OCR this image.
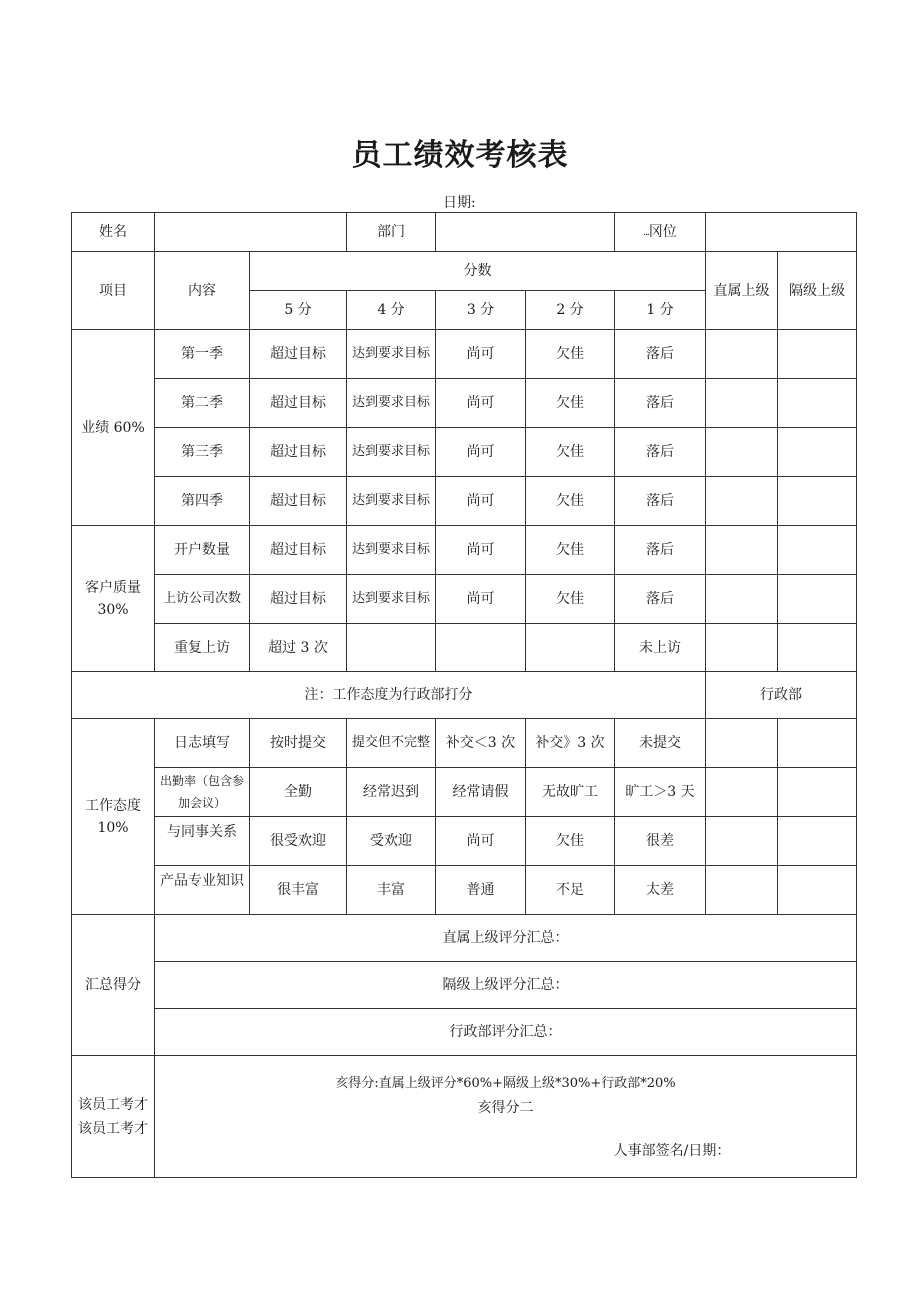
员工绩效考核表
日期:
姓名			部门			...冈位		
项目	内容	分数					直属上级	隔级上级
		5 分	4 分	3 分	2 分	1 分		
业绩 60%	第一季	超过目标	达到要求目标	尚可	欠佳	落后		
	第二季	超过目标	达到要求目标	尚可	欠佳	落后		
	第三季	超过目标	达到要求目标	尚可	欠佳	落后		
	第四季	超过目标	达到要求目标	尚可	欠佳	落后		

客户质量
30%	开户数量	超过目标	达到要求目标	尚可	欠佳	落后		
	上访公司次数	超过目标	达到要求目标	尚可	欠佳	落后		
	重复上访	超过 3 次				未上访		
注：工作态度为行政部打分							行政部	

工作态度
10%	日志填写	按时提交	提交但不完整	补交＜3 次	补交》3 次	未提交		
	出勤率（包含参加会议）	全勤	经常迟到	经常请假	无故旷工	旷工＞3 天		
	与同事关系	很受欢迎	受欢迎	尚可	欠佳	很差		
	产品专业知识	很丰富	丰富	普通	不足	太差		
汇总得分	直属上级评分汇总：							
	隔级上级评分汇总：							
	行政部评分汇总：							

该员工考才
该员工考才	亥得分:直属上级评分*60%+隔级上级*30%+行政部*20%
亥得分二
人事部签名/日期：							
